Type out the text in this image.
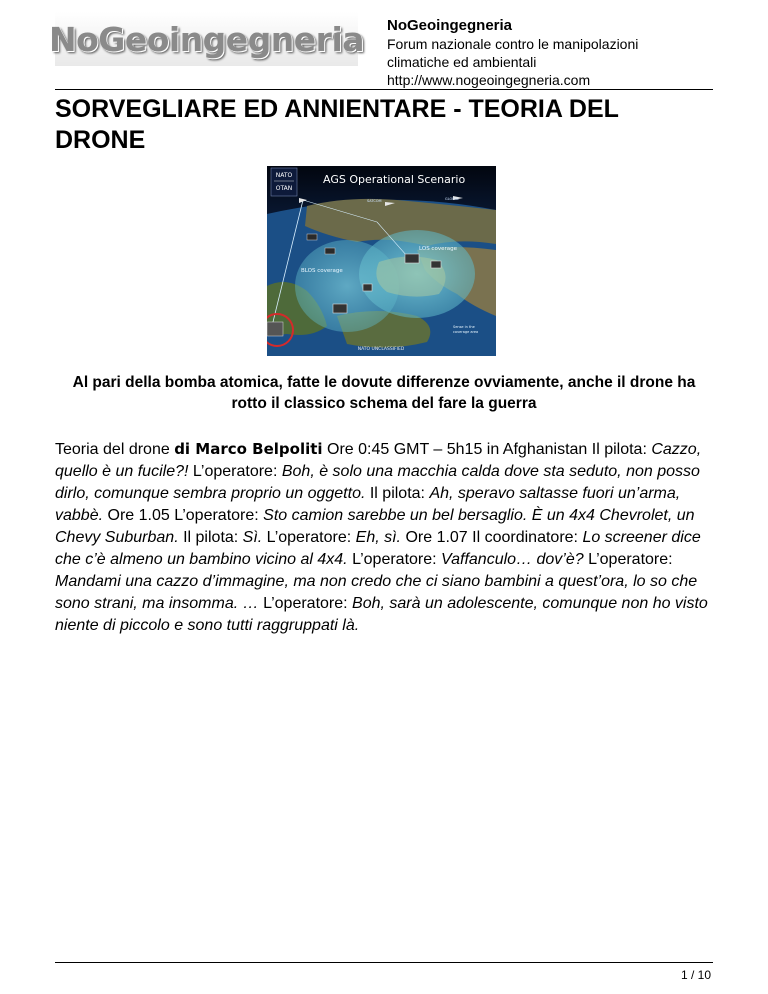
NoGeoingegneria NoGeoingegneria
Forum nazionale contro le manipolazioni
climatiche ed ambientali
http://www.nogeoingegneria.com
SORVEGLIARE ED ANNIENTARE - TEORIA DEL DRONE
NATO
OTAN
AGS Operational Scenario
SATCOM	GLOBAL
LOS coverage
BLOS coverage
Sense in the
coverage area
NATO UNCLASSIFIED

Al pari della bomba atomica, fatte le dovute differenze ovviamente, anche il drone ha rotto il classico schema del fare la guerra

Teoria del drone di Marco Belpoliti Ore 0:45 GMT – 5h15 in Afghanistan Il pilota: Cazzo, quello è un fucile?! L’operatore: Boh, è solo una macchia calda dove sta seduto, non posso dirlo, comunque sembra proprio un oggetto. Il pilota: Ah, speravo saltasse fuori un’arma, vabbè. Ore 1.05 L’operatore: Sto camion sarebbe un bel bersaglio. È un 4x4 Chevrolet, un Chevy Suburban. Il pilota: Sì. L’operatore: Eh, sì. Ore 1.07 Il coordinatore: Lo screener dice che c’è almeno un bambino vicino al 4x4. L’operatore: Vaffanculo… dov’è? L’operatore: Mandami una cazzo d’immagine, ma non credo che ci siano bambini a quest’ora, lo so che sono strani, ma insomma. … L’operatore: Boh, sarà un adolescente, comunque non ho visto niente di piccolo e sono tutti raggruppati là.

1 / 10
